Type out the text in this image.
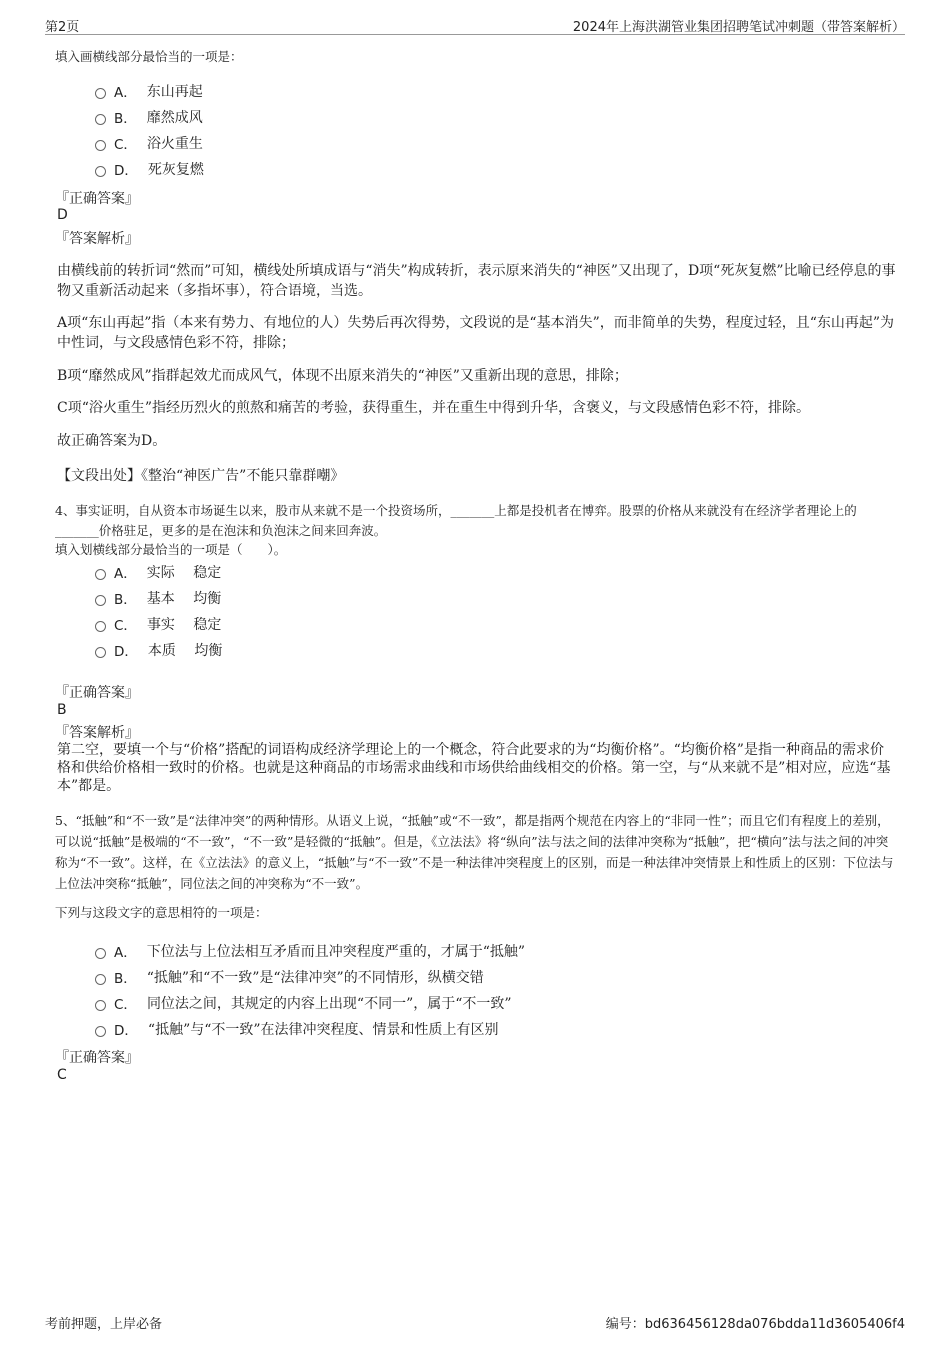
第2页	2024年上海洪湖管业集团招聘笔试冲刺题（带答案解析）
填入画横线部分最恰当的一项是：
A． 东山再起
B． 靡然成风
C． 浴火重生
D． 死灰复燃
『正确答案』
D
『答案解析』
由横线前的转折词“然而”可知，横线处所填成语与“消失”构成转折，表示原来消失的“神医”又出现了，D项“死灰复燃”比喻已经停息的事物又重新活动起来（多指坏事），符合语境，当选。
A项“东山再起”指（本来有势力、有地位的人）失势后再次得势，文段说的是“基本消失”，而非简单的失势，程度过轻，且“东山再起”为中性词，与文段感情色彩不符，排除；
B项“靡然成风”指群起效尤而成风气，体现不出原来消失的“神医”又重新出现的意思，排除；
C项“浴火重生”指经历烈火的煎熬和痛苦的考验，获得重生，并在重生中得到升华，含褒义，与文段感情色彩不符，排除。
故正确答案为D。
【文段出处】《整治“神医广告”不能只靠群嘲》
4、事实证明，自从资本市场诞生以来，股市从来就不是一个投资场所，_______上都是投机者在博弈。股票的价格从来就没有在经济学者理论上的_______价格驻足，更多的是在泡沫和负泡沫之间来回奔波。
填入划横线部分最恰当的一项是（　　）。
A． 实际　 稳定
B． 基本　 均衡
C． 事实　 稳定
D． 本质　 均衡
『正确答案』
B
『答案解析』
第二空，要填一个与“价格”搭配的词语构成经济学理论上的一个概念，符合此要求的为“均衡价格”。“均衡价格”是指一种商品的需求价格和供给价格相一致时的价格。也就是这种商品的市场需求曲线和市场供给曲线相交的价格。第一空，与“从来就不是”相对应，应选“基本”都是。
5、“抵触”和“不一致”是“法律冲突”的两种情形。从语义上说，“抵触”或“不一致”，都是指两个规范在内容上的“非同一性”；而且它们有程度上的差别，可以说“抵触”是极端的“不一致”，“不一致”是轻微的“抵触”。但是，《立法法》将“纵向”法与法之间的法律冲突称为“抵触”，把“横向”法与法之间的冲突称为“不一致”。这样，在《立法法》的意义上，“抵触”与“不一致”不是一种法律冲突程度上的区别，而是一种法律冲突情景上和性质上的区别：下位法与上位法冲突称“抵触”，同位法之间的冲突称为“不一致”。
下列与这段文字的意思相符的一项是：
A． 下位法与上位法相互矛盾而且冲突程度严重的，才属于“抵触”
B． “抵触”和“不一致”是“法律冲突”的不同情形，纵横交错
C． 同位法之间，其规定的内容上出现“不同一”，属于“不一致”
D． “抵触”与“不一致”在法律冲突程度、情景和性质上有区别
『正确答案』
C
考前押题，上岸必备	编号：bd636456128da076bdda11d3605406f4
